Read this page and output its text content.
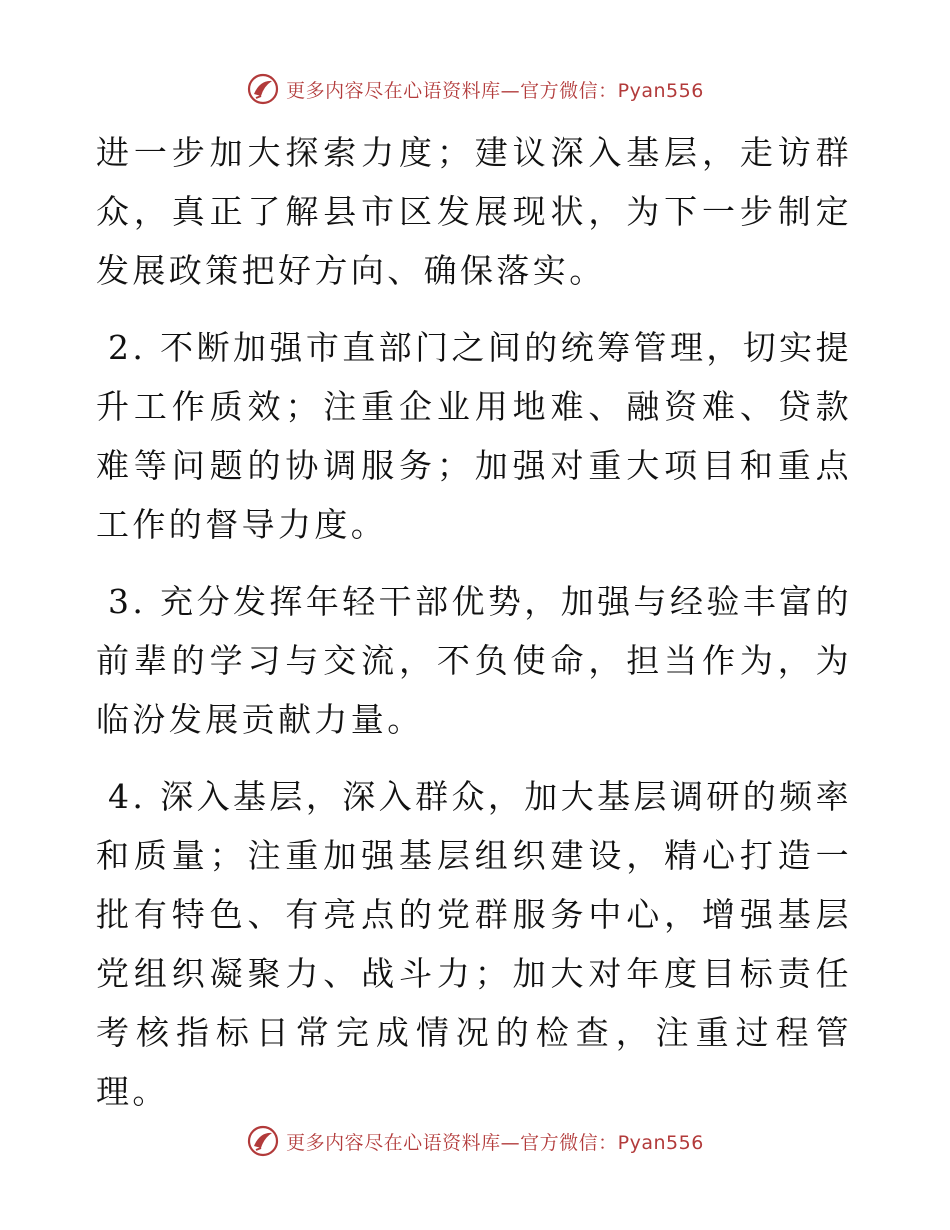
更多内容尽在心语资料库—官方微信：Pyan556

进一步加大探索力度；建议深入基层，走访群众，真正了解县市区发展现状，为下一步制定发展政策把好方向、确保落实。

2. 不断加强市直部门之间的统筹管理，切实提升工作质效；注重企业用地难、融资难、贷款难等问题的协调服务；加强对重大项目和重点工作的督导力度。

3. 充分发挥年轻干部优势，加强与经验丰富的前辈的学习与交流，不负使命，担当作为，为临汾发展贡献力量。

4. 深入基层，深入群众，加大基层调研的频率和质量；注重加强基层组织建设，精心打造一批有特色、有亮点的党群服务中心，增强基层党组织凝聚力、战斗力；加大对年度目标责任考核指标日常完成情况的检查，注重过程管理。

更多内容尽在心语资料库—官方微信：Pyan556
